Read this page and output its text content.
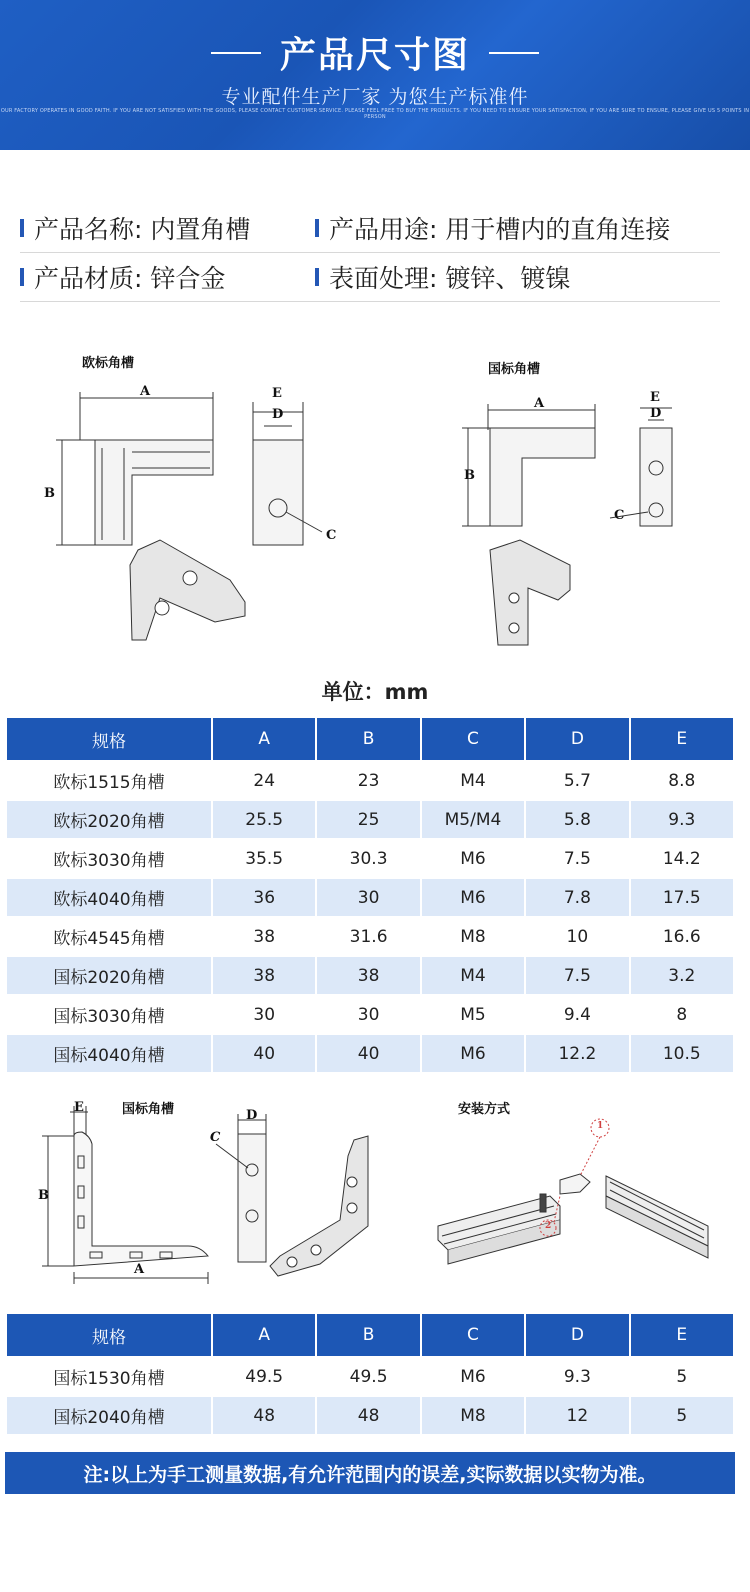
产品尺寸图
专业配件生产厂家 为您生产标准件
OUR FACTORY OPERATES IN GOOD FAITH. IF YOU ARE NOT SATISFIED WITH THE GOODS, PLEASE CONTACT CUSTOMER SERVICE. PLEASE FEEL FREE TO BUY THE PRODUCTS. IF YOU NEED TO ENSURE YOUR SATISFACTION, IF YOU ARE SURE TO ENSURE, PLEASE GIVE US 5 POINTS IN PERSON
产品名称: 内置角槽	产品用途: 用于槽内的直角连接
产品材质: 锌合金	表面处理: 镀锌、镀镍
欧标角槽
A
B
E
D
C
国标角槽
A
B
E
D
C
单位：mm
规格	A	B	C	D	E
欧标1515角槽	24	23	M4	5.7	8.8
欧标2020角槽	25.5	25	M5/M4	5.8	9.3
欧标3030角槽	35.5	30.3	M6	7.5	14.2
欧标4040角槽	36	30	M6	7.8	17.5
欧标4545角槽	38	31.6	M8	10	16.6
国标2020角槽	38	38	M4	7.5	3.2
国标3030角槽	30	30	M5	9.4	8
国标4040角槽	40	40	M6	12.2	10.5
国标角槽
E
B
A
D
C
安装方式
1
2
规格	A	B	C	D	E
国标1530角槽	49.5	49.5	M6	9.3	5
国标2040角槽	48	48	M8	12	5
注:以上为手工测量数据,有允许范围内的误差,实际数据以实物为准。
